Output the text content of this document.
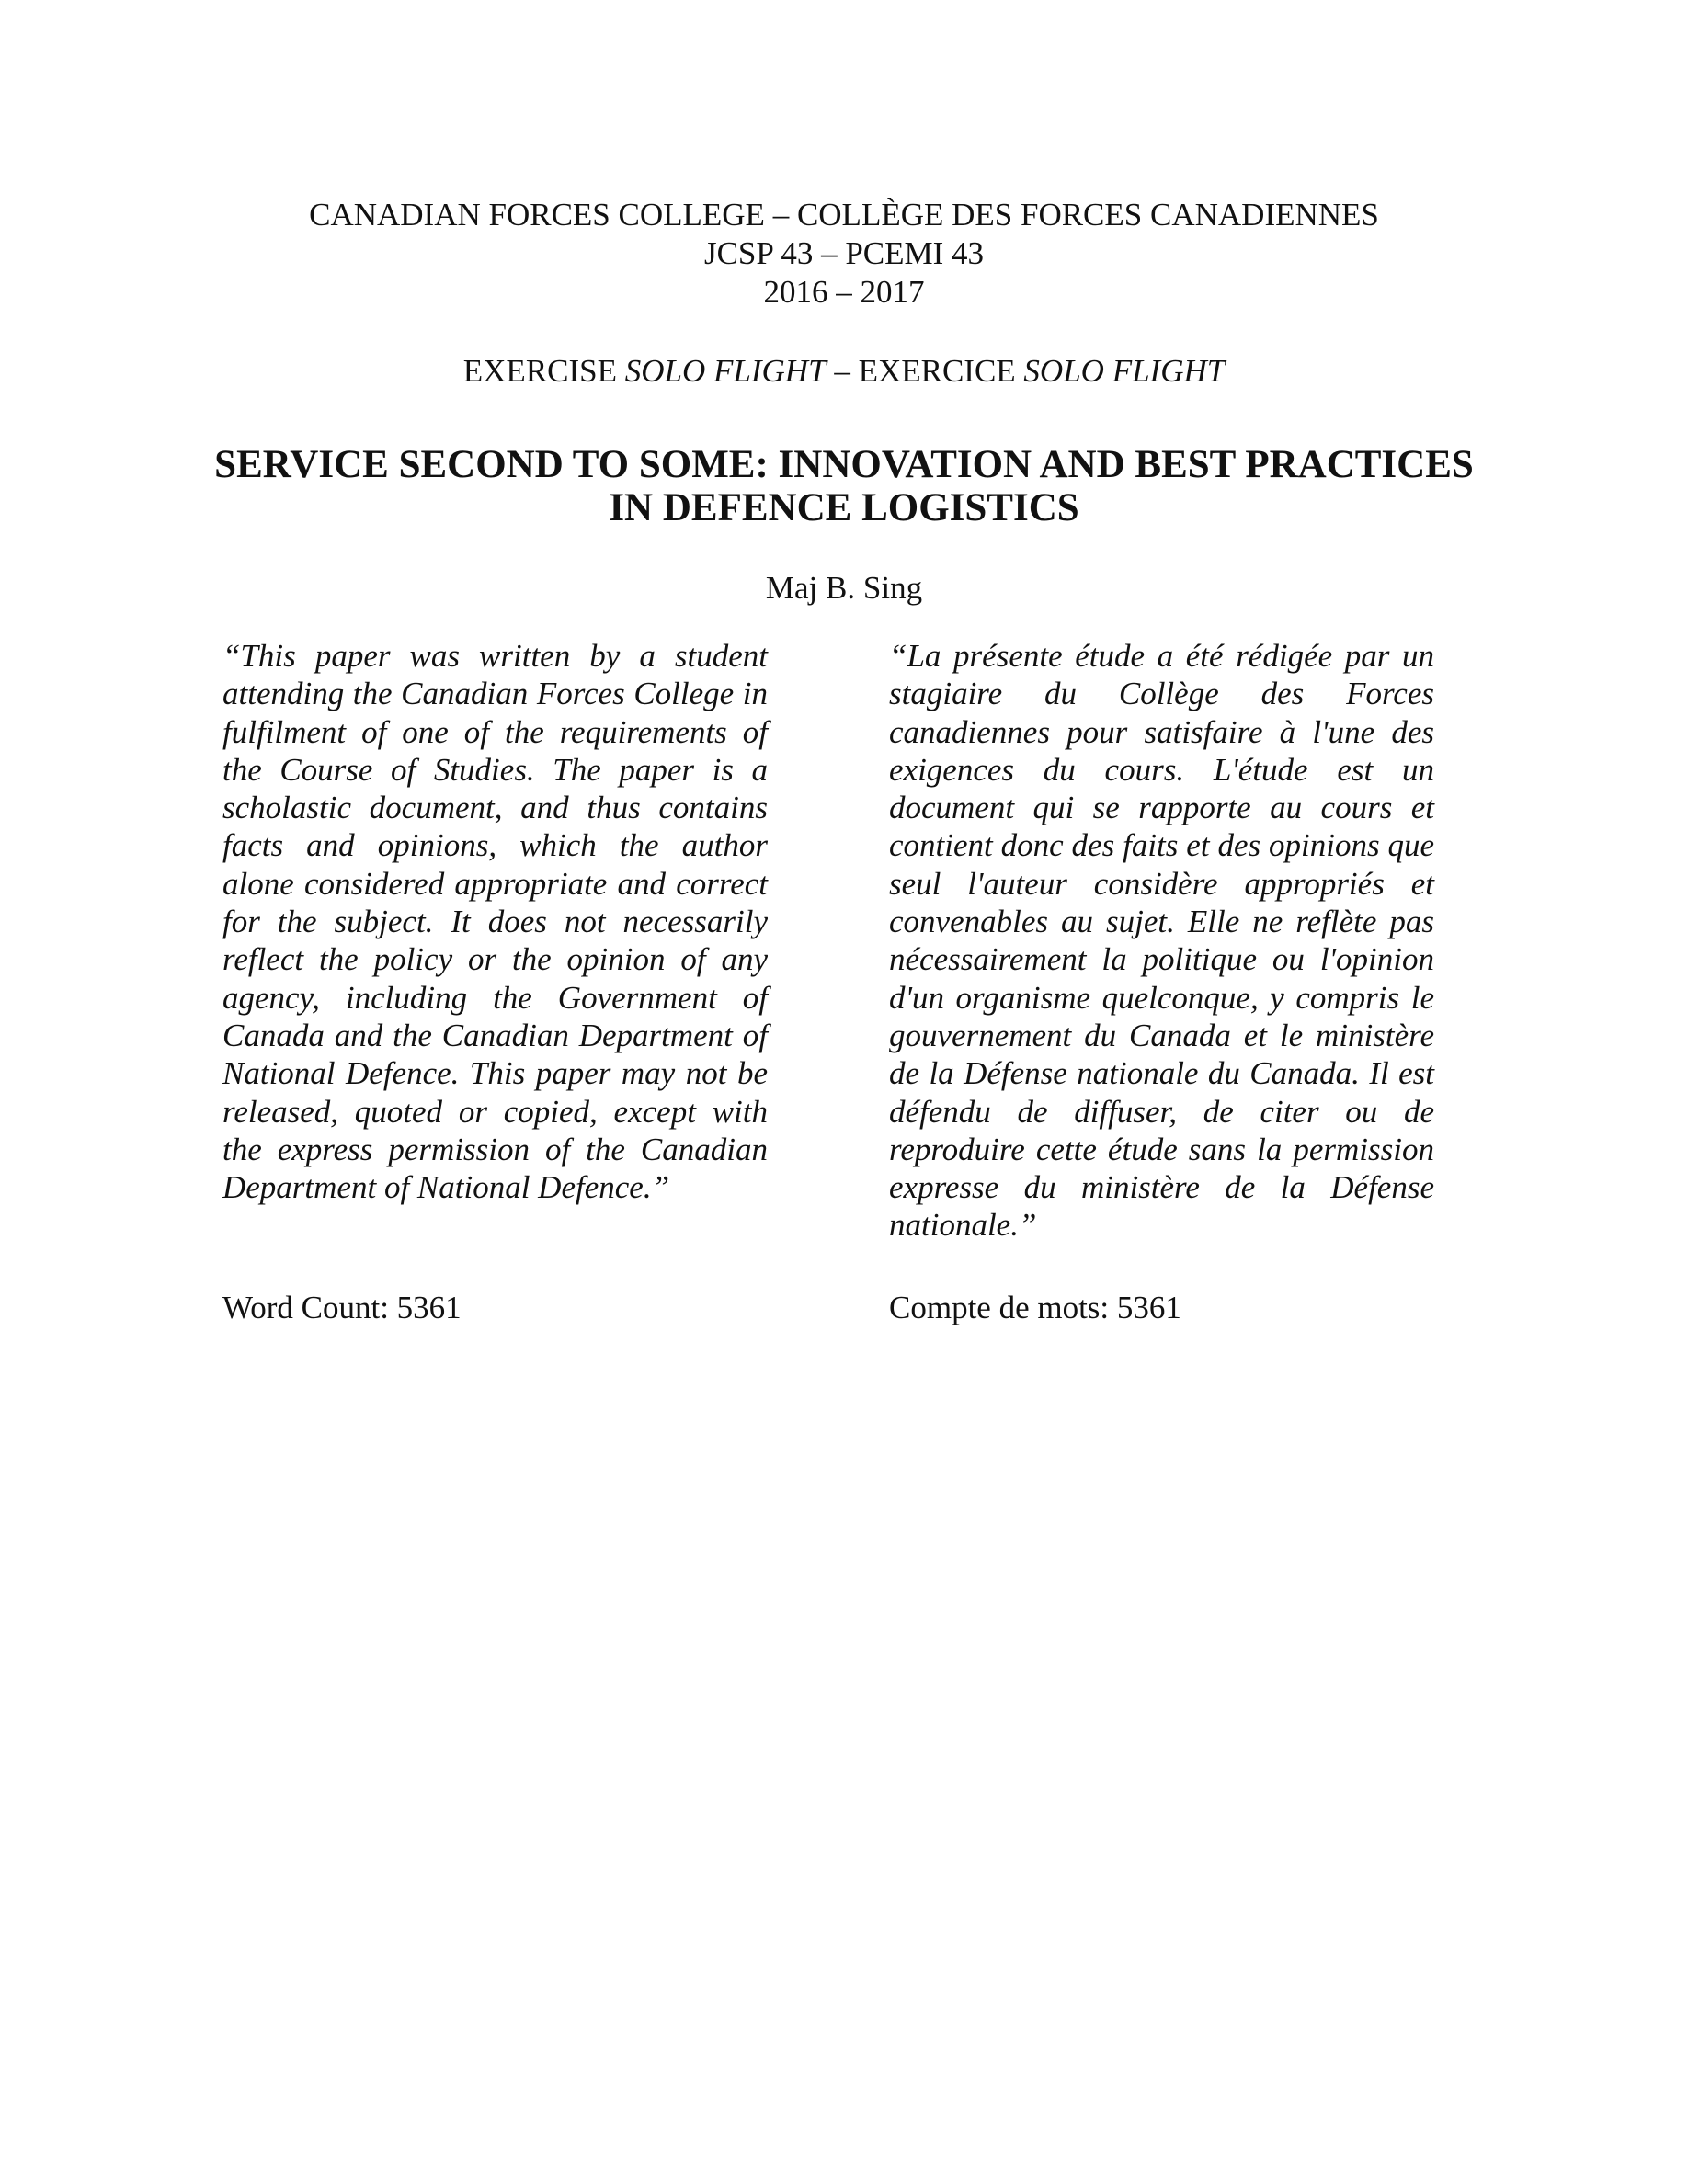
CANADIAN FORCES COLLEGE – COLLÈGE DES FORCES CANADIENNES
JCSP 43 – PCEMI 43
2016 – 2017
EXERCISE SOLO FLIGHT – EXERCICE SOLO FLIGHT
SERVICE SECOND TO SOME: INNOVATION AND BEST PRACTICES
IN DEFENCE LOGISTICS
Maj B. Sing
“This paper was written by a student attending the Canadian Forces College in fulfilment of one of the requirements of the Course of Studies. The paper is a scholastic document, and thus contains facts and opinions, which the author alone considered appropriate and correct for the subject. It does not necessarily reflect the policy or the opinion of any agency, including the Government of Canada and the Canadian Department of National Defence. This paper may not be released, quoted or copied, except with the express permission of the Canadian Department of National Defence.”
“La présente étude a été rédigée par un stagiaire du Collège des Forces canadiennes pour satisfaire à l'une des exigences du cours. L'étude est un document qui se rapporte au cours et contient donc des faits et des opinions que seul l'auteur considère appropriés et convenables au sujet. Elle ne reflète pas nécessairement la politique ou l'opinion d'un organisme quelconque, y compris le gouvernement du Canada et le ministère de la Défense nationale du Canada. Il est défendu de diffuser, de citer ou de reproduire cette étude sans la permission expresse du ministère de la Défense nationale.”
Word Count: 5361	Compte de mots: 5361
